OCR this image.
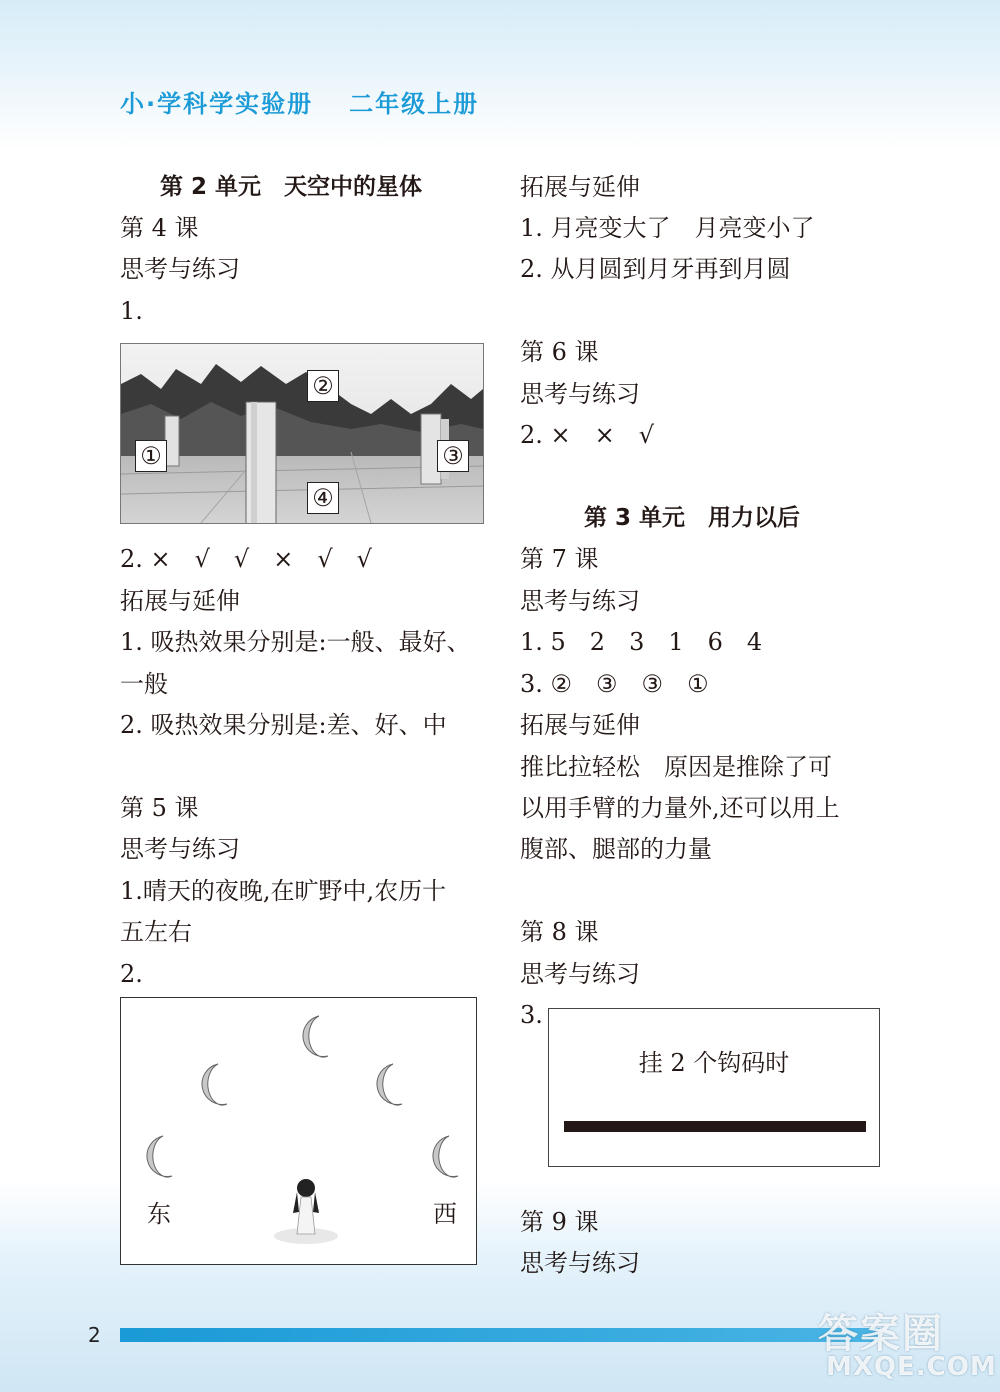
小·学科学实验册 二年级上册
第 2 单元　天空中的星体
第 4 课
思考与练习
1.
①
②
③
④
2. ×　√　√　×　√　√
拓展与延伸
1. 吸热效果分别是:一般、最好、
一般
2. 吸热效果分别是:差、好、中
第 5 课
思考与练习
1.晴天的夜晚,在旷野中,农历十
五左右
2.
东	西
拓展与延伸
1. 月亮变大了　月亮变小了
2. 从月圆到月牙再到月圆
第 6 课
思考与练习
2. ×　×　√
第 3 单元　用力以后
第 7 课
思考与练习
1. 5　2　3　1　6　4
3. ②　③　③　①
拓展与延伸
推比拉轻松　原因是推除了可
以用手臂的力量外,还可以用上
腹部、腿部的力量
第 8 课
思考与练习
3.
挂 2 个钩码时
第 9 课
思考与练习
2	答案圈
MXQE.COM
